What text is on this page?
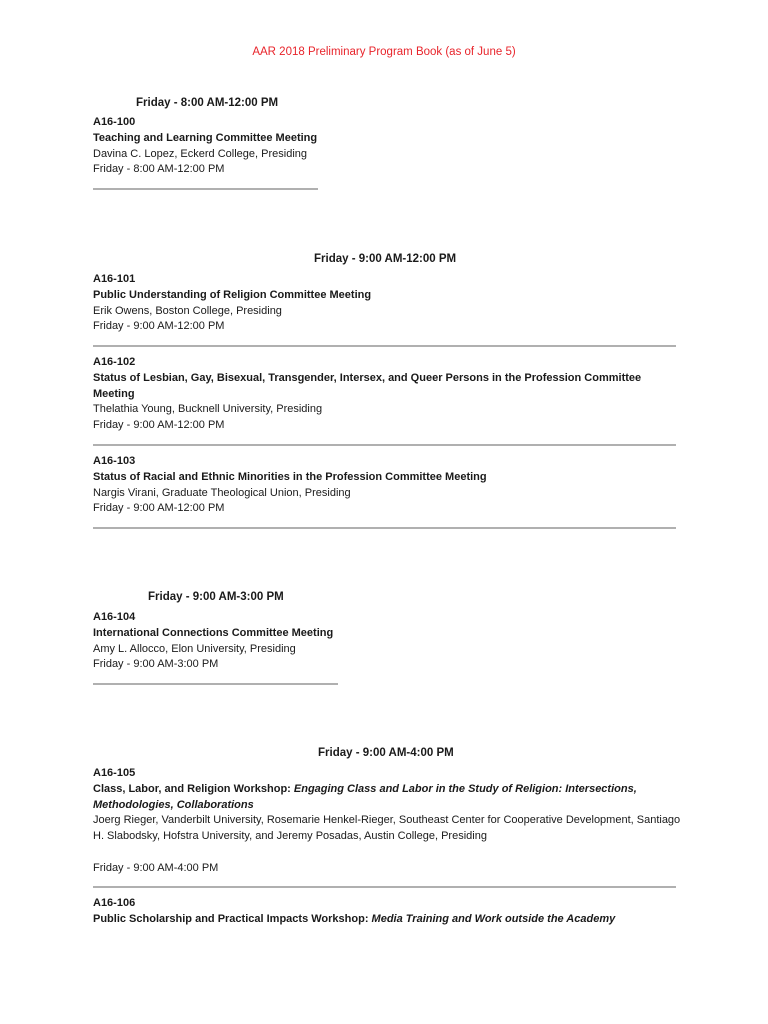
AAR 2018 Preliminary Program Book (as of June 5)
Friday - 8:00 AM-12:00 PM
A16-100
Teaching and Learning Committee Meeting
Davina C. Lopez, Eckerd College, Presiding
Friday - 8:00 AM-12:00 PM
Friday - 9:00 AM-12:00 PM
A16-101
Public Understanding of Religion Committee Meeting
Erik Owens, Boston College, Presiding
Friday - 9:00 AM-12:00 PM
A16-102
Status of Lesbian, Gay, Bisexual, Transgender, Intersex, and Queer Persons in the Profession Committee Meeting
Thelathia Young, Bucknell University, Presiding
Friday - 9:00 AM-12:00 PM
A16-103
Status of Racial and Ethnic Minorities in the Profession Committee Meeting
Nargis Virani, Graduate Theological Union, Presiding
Friday - 9:00 AM-12:00 PM
Friday - 9:00 AM-3:00 PM
A16-104
International Connections Committee Meeting
Amy L. Allocco, Elon University, Presiding
Friday - 9:00 AM-3:00 PM
Friday - 9:00 AM-4:00 PM
A16-105
Class, Labor, and Religion Workshop: Engaging Class and Labor in the Study of Religion: Intersections, Methodologies, Collaborations
Joerg Rieger, Vanderbilt University, Rosemarie Henkel-Rieger, Southeast Center for Cooperative Development, Santiago H. Slabodsky, Hofstra University, and Jeremy Posadas, Austin College, Presiding
Friday - 9:00 AM-4:00 PM
A16-106
Public Scholarship and Practical Impacts Workshop: Media Training and Work outside the Academy
